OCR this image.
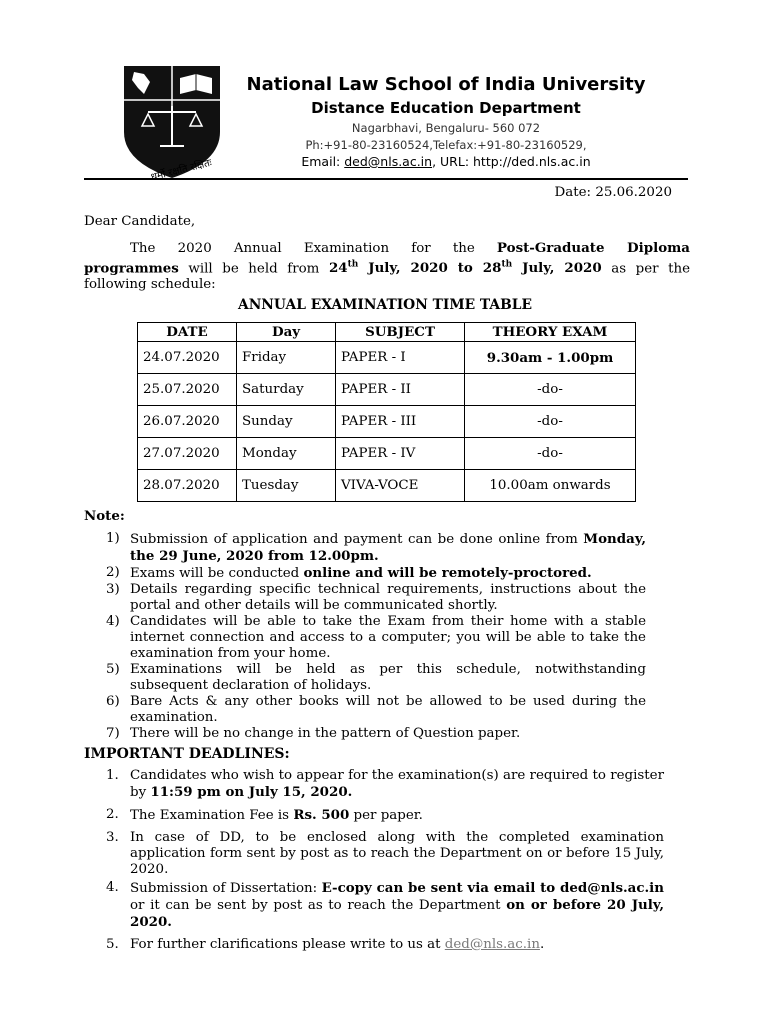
धर्मो रक्षति रक्षितः
National Law School of India University
Distance Education Department
Nagarbhavi, Bengaluru- 560 072
Ph:+91-80-23160524,Telefax:+91-80-23160529,
Email: ded@nls.ac.in, URL: http://ded.nls.ac.in
Date: 25.06.2020
Dear Candidate,
The 2020 Annual Examination for the Post-Graduate Diploma
programmes will be held from 24th July, 2020 to 28th July, 2020 as per the
following schedule:
ANNUAL EXAMINATION TIME TABLE
DATE	Day	SUBJECT	THEORY EXAM
24.07.2020	Friday	PAPER - I	9.30am - 1.00pm
25.07.2020	Saturday	PAPER - II	-do-
26.07.2020	Sunday	PAPER - III	-do-
27.07.2020	Monday	PAPER - IV	-do-
28.07.2020	Tuesday	VIVA-VOCE	10.00am onwards
Note:
1) Submission of application and payment can be done online from Monday, the 29 June, 2020 from 12.00pm.
2) Exams will be conducted online and will be remotely-proctored.
3) Details regarding specific technical requirements, instructions about the portal and other details will be communicated shortly.
4) Candidates will be able to take the Exam from their home with a stable internet connection and access to a computer; you will be able to take the examination from your home.
5) Examinations will be held as per this schedule, notwithstanding subsequent declaration of holidays.
6) Bare Acts & any other books will not be allowed to be used during the examination.
7) There will be no change in the pattern of Question paper.
IMPORTANT DEADLINES:
1. Candidates who wish to appear for the examination(s) are required to register by 11:59 pm on July 15, 2020.
2. The Examination Fee is Rs. 500 per paper.
3. In case of DD, to be enclosed along with the completed examination application form sent by post as to reach the Department on or before 15 July, 2020.
4. Submission of Dissertation: E-copy can be sent via email to ded@nls.ac.in or it can be sent by post as to reach the Department on or before 20 July, 2020.
5. For further clarifications please write to us at ded@nls.ac.in.
